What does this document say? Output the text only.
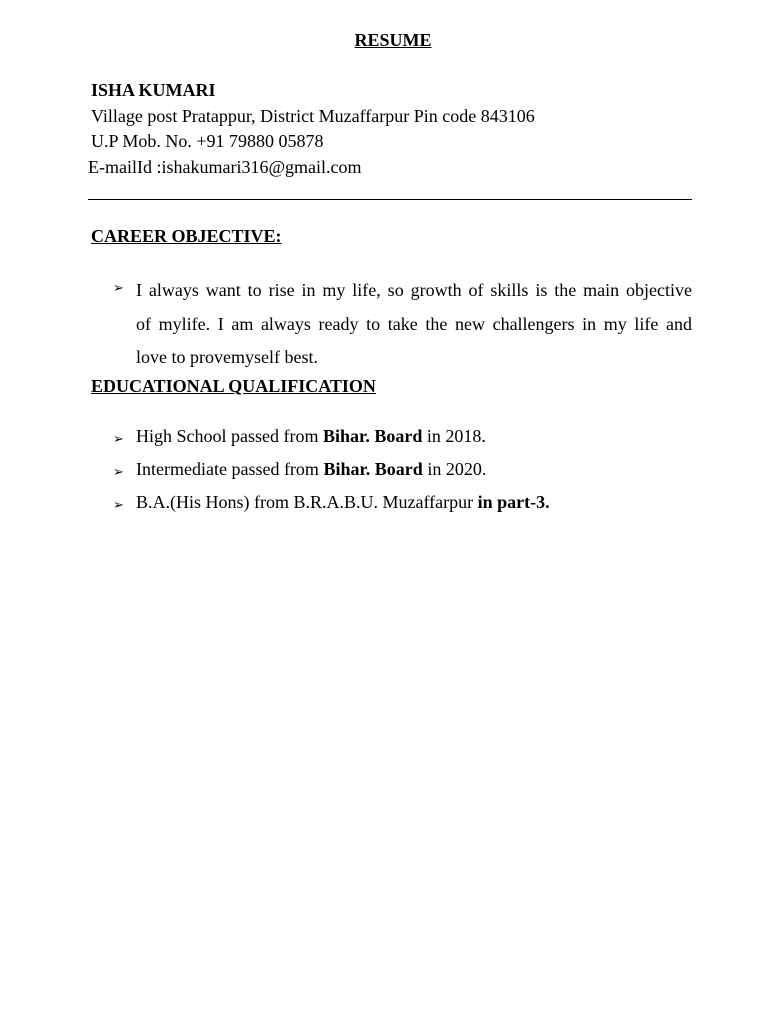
RESUME
ISHA KUMARI
Village post Pratappur, District Muzaffarpur Pin code 843106
U.P Mob. No. +91 79880 05878
E-mailId :ishakumari316@gmail.com
CAREER OBJECTIVE:
➢ I always want to rise in my life, so growth of skills is the main objective
of mylife. I am always ready to take the new challengers in my life and
love to provemyself best.
EDUCATIONAL QUALIFICATION
➢ High School passed from Bihar. Board in 2018.
➢ Intermediate passed from Bihar. Board in 2020.
➢ B.A.(His Hons) from B.R.A.B.U. Muzaffarpur in part-3.
